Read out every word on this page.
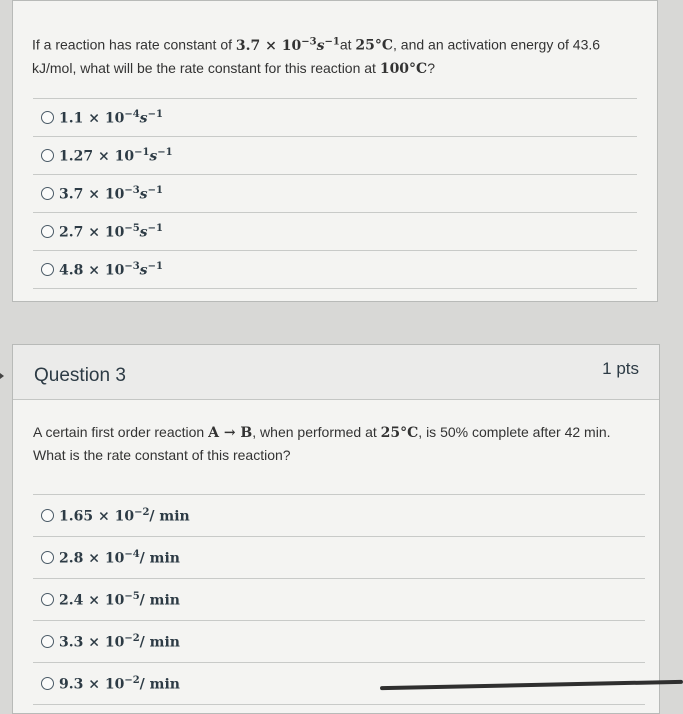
If a reaction has rate constant of $3.7 \times 10^{-3}s^{-1}at$ 25°C, and an activation energy of 43.6 kJ/mol, what will be the rate constant for this reaction at 100°C?
$1.1 \times 10^{-4}s^{-1}$
$1.27 \times 10^{-1}s^{-1}$
$3.7 \times 10^{-3}s^{-1}$
$2.7 \times 10^{-5}s^{-1}$
$4.8 \times 10^{-3}s^{-1}$
Question 3	1 pts
A certain first order reaction A → B, when performed at 25°C, is 50% complete after 42 min. What is the rate constant of this reaction?
$1.65 \times 10^{-2}/$ min
$2.8 \times 10^{-4}/$ min
$2.4 \times 10^{-5}/$ min
$3.3 \times 10^{-2}/$ min
$9.3 \times 10^{-2}/$ min
